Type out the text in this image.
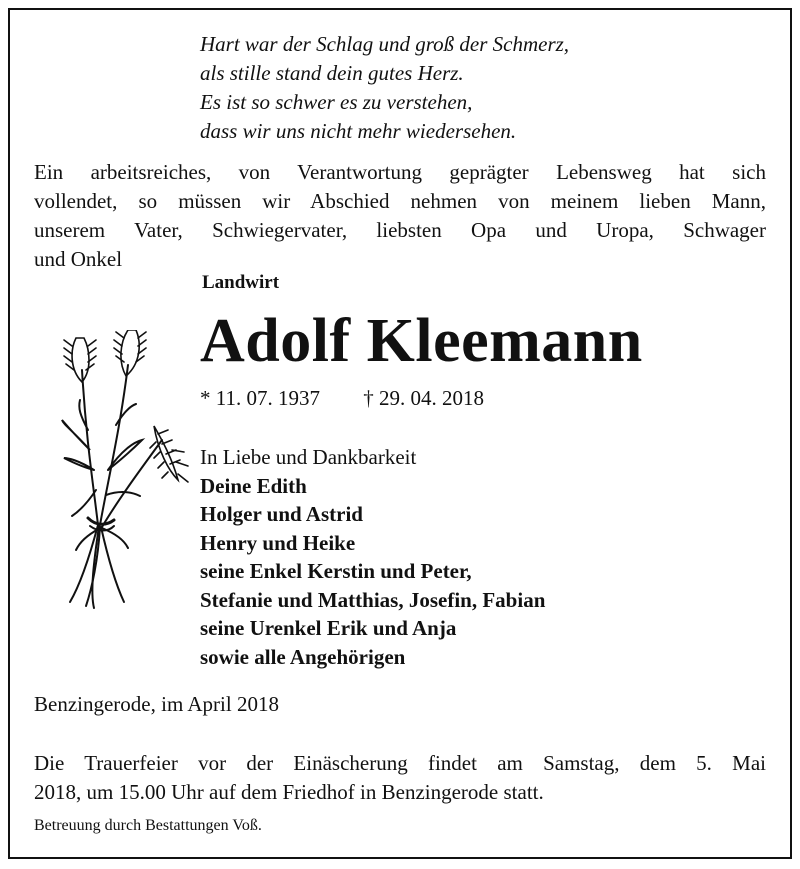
Hart war der Schlag und groß der Schmerz,
als stille stand dein gutes Herz.
Es ist so schwer es zu verstehen,
dass wir uns nicht mehr wiedersehen.
Ein arbeitsreiches, von Verantwortung geprägter Lebensweg hat sich
vollendet, so müssen wir Abschied nehmen von meinem lieben Mann,
unserem Vater, Schwiegervater, liebsten Opa und Uropa, Schwager
und Onkel
Landwirt
Adolf Kleemann
* 11. 07. 1937 † 29. 04. 2018
In Liebe und Dankbarkeit
Deine Edith
Holger und Astrid
Henry und Heike
seine Enkel Kerstin und Peter,
Stefanie und Matthias, Josefin, Fabian
seine Urenkel Erik und Anja
sowie alle Angehörigen
Benzingerode, im April 2018
Die Trauerfeier vor der Einäscherung findet am Samstag, dem 5. Mai
2018, um 15.00 Uhr auf dem Friedhof in Benzingerode statt.
Betreuung durch Bestattungen Voß.
